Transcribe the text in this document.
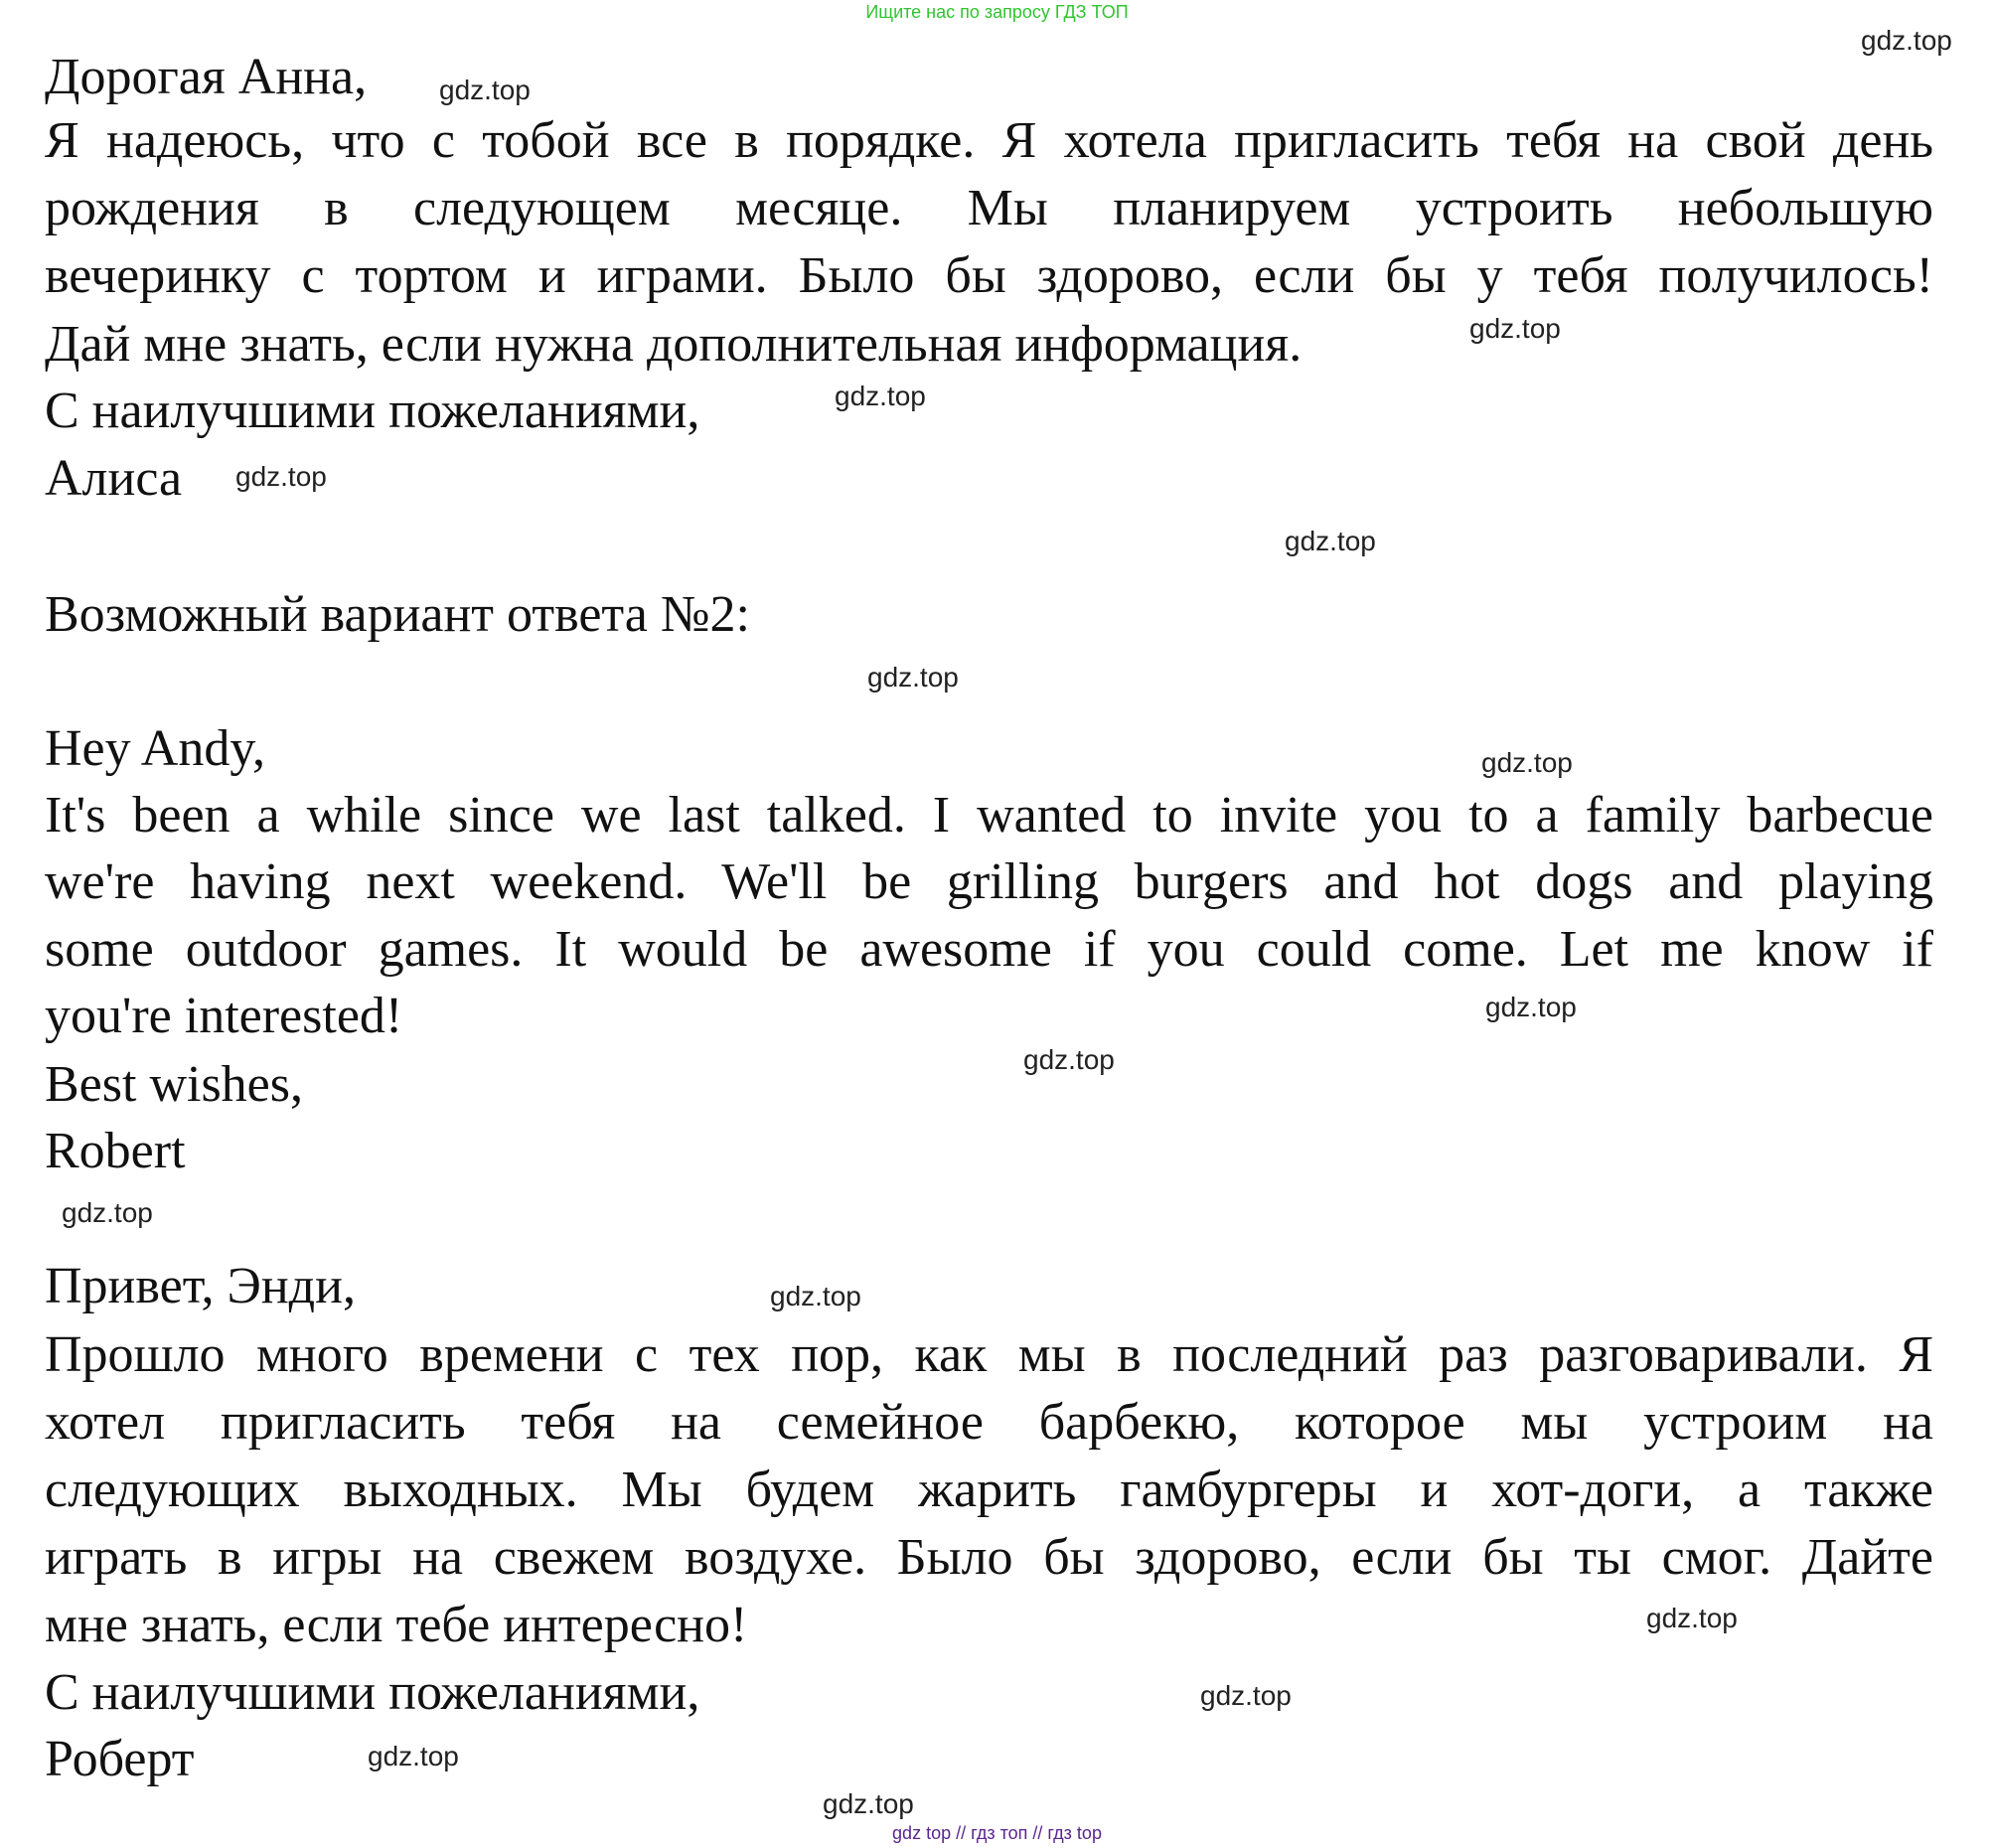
Ищите нас по запросу ГДЗ ТОП
Дорогая Анна,
Я надеюсь, что с тобой все в порядке. Я хотела пригласить тебя на свой день
рождения в следующем месяце. Мы планируем устроить небольшую
вечеринку с тортом и играми. Было бы здорово, если бы у тебя получилось!
Дай мне знать, если нужна дополнительная информация.
С наилучшими пожеланиями,
Алиса
Возможный вариант ответа №2:
Hey Andy,
It's been a while since we last talked. I wanted to invite you to a family barbecue
we're having next weekend. We'll be grilling burgers and hot dogs and playing
some outdoor games. It would be awesome if you could come. Let me know if
you're interested!
Best wishes,
Robert
Привет, Энди,
Прошло много времени с тех пор, как мы в последний раз разговаривали. Я
хотел пригласить тебя на семейное барбекю, которое мы устроим на
следующих выходных. Мы будем жарить гамбургеры и хот-доги, а также
играть в игры на свежем воздухе. Было бы здорово, если бы ты смог. Дайте
мне знать, если тебе интересно!
С наилучшими пожеланиями,
Роберт
gdz.top
gdz.top
gdz.top
gdz.top
gdz.top
gdz.top
gdz.top
gdz.top
gdz.top
gdz.top
gdz.top
gdz.top
gdz.top
gdz.top
gdz.top
gdz.top
gdz top // гдз топ // гдз top
